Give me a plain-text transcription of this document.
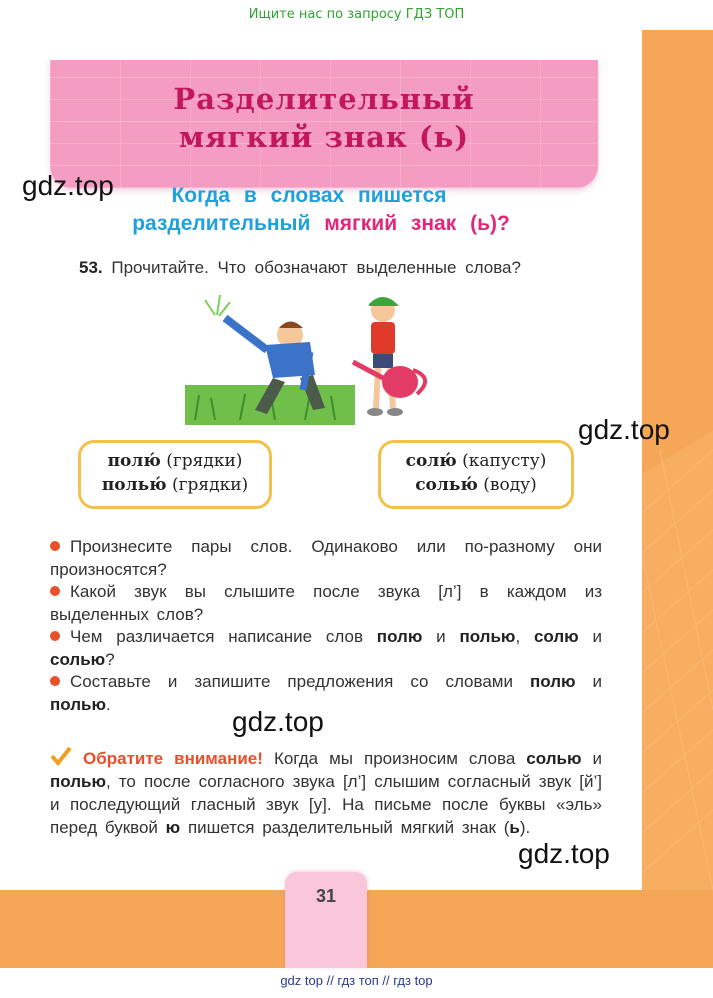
Ищите нас по запросу ГДЗ ТОП
Разделительный
мягкий знак (ь)
Когда в словах пишется
разделительный мягкий знак (ь)?
53. Прочитайте. Что обозначают выделенные слова?
полю́ (грядки)
полью́ (грядки)
солю́ (капусту)
солью́ (воду)
Произнесите пары слов. Одинаково или по-разному они произносятся?
Какой звук вы слышите после звука [л’] в каждом из выделенных слов?
Чем различается написание слов полю и полью, солю и солью?
Составьте и запишите предложения со словами полю и полью.
Обратите внимание! Когда мы произносим слова солью и полью, то после согласного звука [л’] слышим согласный звук [й’] и последующий гласный звук [у]. На письме после буквы «эль» перед буквой ю пишется разделительный мягкий знак (ь).
gdz.top
gdz.top
gdz.top
gdz.top
31
gdz top // гдз топ // гдз top
